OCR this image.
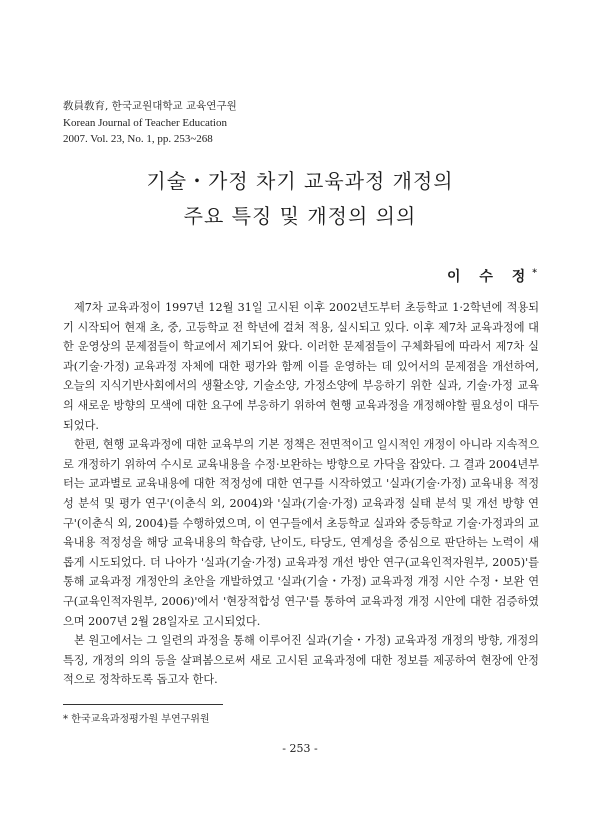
敎員敎育, 한국교원대학교 교육연구원
Korean Journal of Teacher Education
2007. Vol. 23, No. 1, pp. 253~268
기술・가정 차기 교육과정 개정의
주요 특징 및 개정의 의의
이 수 정*

제7차 교육과정이 1997년 12월 31일 고시된 이후 2002년도부터 초등학교 1·2학년에 적용되기 시작되어 현재 초, 중, 고등학교 전 학년에 걸쳐 적용, 실시되고 있다. 이후 제7차 교육과정에 대한 운영상의 문제점들이 학교에서 제기되어 왔다. 이러한 문제점들이 구체화됨에 따라서 제7차 실과(기술·가정) 교육과정 자체에 대한 평가와 함께 이를 운영하는 데 있어서의 문제점을 개선하여, 오늘의 지식기반사회에서의 생활소양, 기술소양, 가정소양에 부응하기 위한 실과, 기술·가정 교육의 새로운 방향의 모색에 대한 요구에 부응하기 위하여 현행 교육과정을 개정해야할 필요성이 대두되었다.

한편, 현행 교육과정에 대한 교육부의 기본 정책은 전면적이고 일시적인 개정이 아니라 지속적으로 개정하기 위하여 수시로 교육내용을 수정·보완하는 방향으로 가닥을 잡았다. 그 결과 2004년부터는 교과별로 교육내용에 대한 적정성에 대한 연구를 시작하였고 '실과(기술·가정) 교육내용 적정성 분석 및 평가 연구'(이춘식 외, 2004)와 '실과(기술·가정) 교육과정 실태 분석 및 개선 방향 연구'(이춘식 외, 2004)를 수행하였으며, 이 연구들에서 초등학교 실과와 중등학교 기술·가정과의 교육내용 적정성을 해당 교육내용의 학습량, 난이도, 타당도, 연계성을 중심으로 판단하는 노력이 새롭게 시도되었다. 더 나아가 '실과(기술·가정) 교육과정 개선 방안 연구(교육인적자원부, 2005)'를 통해 교육과정 개정안의 초안을 개발하였고 '실과(기술・가정) 교육과정 개정 시안 수정・보완 연구(교육인적자원부, 2006)'에서 '현장적합성 연구'를 통하여 교육과정 개정 시안에 대한 검증하였으며 2007년 2월 28일자로 고시되었다.

본 원고에서는 그 일련의 과정을 통해 이루어진 실과(기술・가정) 교육과정 개정의 방향, 개정의 특징, 개정의 의의 등을 살펴봄으로써 새로 고시된 교육과정에 대한 정보를 제공하여 현장에 안정적으로 정착하도록 돕고자 한다.

* 한국교육과정평가원 부연구위원
- 253 -
